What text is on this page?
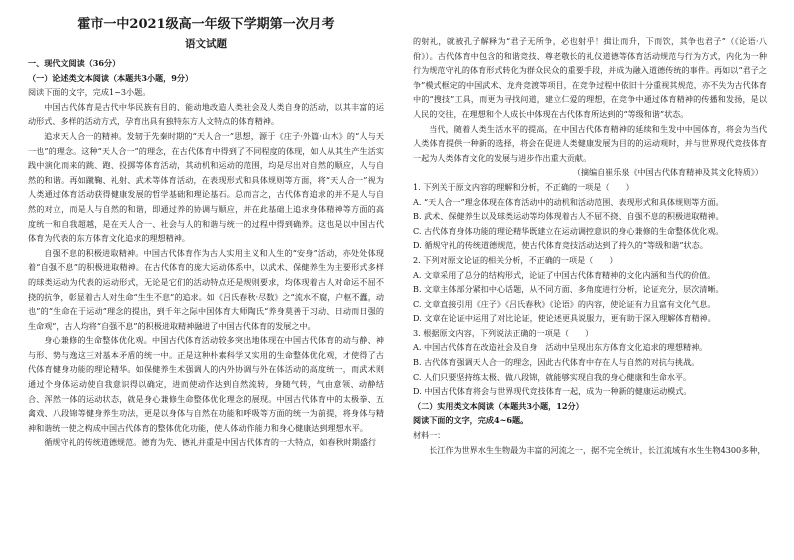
霍市一中2021级高一年级下学期第一次月考
语文试题

一、现代文阅读（36分）

（一）论述类文本阅读（本题共3小题，9分）

阅读下面的文字，完成1~3小题。

中国古代体育是古代中华民族有目的、能动地改造人类社会及人类自身的活动，以其丰富的运动形式、多样的活动方式，孕育出具有独特东方人文特点的体育精神。

追求天人合一的精神。发轫于先秦时期的“天人合一”思想，源于《庄子·外篇·山木》的“人与天一也”的理念。这种“天人合一”的理念，在古代体育中得到了不同程度的体现，如人从其生产生活实践中演化而来的跳、跑、投掷等体育活动，其动机和运动的范围，均是尽出对自然的顺应，人与自然的和谐。再如蹴鞠、礼射、武术等体育活动，在表现形式和具体规则等方面，将“天人合一”视为人类通过体育活动获得健康发展的哲学基础和理论基石。总而言之，古代体育追求的并不是人与自然的对立，而是人与自然的和谐，即通过养的协调与顺应，并在此基础上追求身体精神等方面的高度统一和自我超越，是在天人合一、社会与人的和谐与统一的过程中得到确养。这也是以中国古代体育为代表的东方体育文化追求的理想精神。

自强不息的积极进取精神。中国古代体育作为古人实用主义和人生的“安身”活动，亦处处体现着“自强不息”的积极进取精神。在古代体育的庞大运动体系中，以武术、保健养生为主要形式多样的球类运动为代表的运动形式，无论是它们的活动特点还是规则要求，均体现着古人对命运不屈不挠的抗争，彰显着古人对生命“生生不息”的追求。如《吕氏春秋·尽数》之“流水不腐，户枢不蠹，动也”的“生命在于运动”理念的提出，到千年之际中国体育大师陶氏“养身莫善于习动、日动而日强的生命观”，古人均将“自强不息”的积极进取精神融进了中国古代体育的发展之中。

身心兼修的生命整体优化观。中国古代体育活动较多突出地体现在中国古代体育的动与静、神与形、势与逸这三对基本矛盾的统一中。正是这种朴素科学又实用的生命整体优化观，才使得了古代体育健身功能的理论精华。如保健养生术强调人的内外协调与外在体活动的高度统一，而武术则通过个身体运动使自我意识得以确定，进而使动作达到自然流转，身随气转，气由意领、动静结合、浑然一体的运动状态，就是身心兼修生命整体优化理念的展现。中国古代体育中的太极拳、五禽戏、八段锦等健身养生功法，更是以身体与自然在功能和呼吸等方面的统一为前提，将身体与精神和谐统一使之构成中国古代体育的整体优化功能，使人体动作能力和身心健康达到理想水平。

循规守礼的传统道德规范。德育为先、德礼并重是中国古代体育的一大特点，如春秋时期盛行

的射礼，就被孔子解释为“君子无所争，必也射乎！揖让而升，下而饮，其争也君子”（《论语·八佾》）。古代体育中包含的和谐竞技、尊老敬长的礼仪道德等体育活动规范与行为方式，内化为一种行为规范守礼的体育形式转化为群众民众的重要手段，并成为融入道德传统的事件。再如以“君子之争”模式框定的中国武术、龙舟竞渡等项目，在竞争过程中依旧十分重视其规范，亦不失为古代体育中的“搜技”工具，而更为寻找问道，建立仁爱的理想，在竞争中通过体育精神的传播和发扬，是以人民的交往，在理想和个人成长中体现在古代体育所达到的“等级和谐”状态。

当代，随着人类生活水平的提高，在中国古代体育精神的延续和生发中中国体育，将会为当代人类体育提供一种新的选择，将会在促进人类健康发展为目的的运动观时，并与世界现代竞技体育一起为人类体育文化的发展与进步作出重大贡献。

（摘编自崔乐泉《中国古代体育精神及其文化特质》）

1. 下列关于原文内容的理解和分析，不正确的一项是（　　）

A. “天人合一”理念体现在体育活动中的动机和活动范围、表现形式和具体规则等方面。

B. 武术、保健养生以及球类运动等均体现着古人不屈不挠、自强不息的积极进取精神。

C. 古代体育身体功能的理论精华既建立在运动调控意识的身心兼修的生命整体优化观。

D. 循规守礼的传统道德规范，使古代体育竞技活动达到了持久的“等级和谐”状态。

2. 下列对原文论证的相关分析，不正确的一项是（　　）

A. 文章采用了总分的结构形式，论证了中国古代体育精神的文化内涵和当代的价值。

B. 文章主体部分紧扣中心话题，从不同方面、多角度进行分析，论证充分，层次清晰。

C. 文章直接引用《庄子》《吕氏春秋》《论语》的内容，使论证有力且富有文化气息。

D. 文章在论证中运用了对比论证，使论述更具说服力，更有助于深入理解体育精神。

3. 根据原文内容，下列说法正确的一项是（　　）

A. 中国古代体育在改造社会及自身　活动中呈现出东方体育文化追求的理想精神。

B. 古代体育强调天人合一的理念，因此古代体育中存在人与自然的对抗与挑战。

C. 人们只要坚持练太极、做八段锦，就能够实现自我的身心健康和生命水平。

D. 中国古代体育将会与世界现代竞技体育一起，成为一种新的健康运动模式。

（二）实用类文本阅读（本题共3小题，12分）

阅读下面的文字，完成4~6题。

材料一：

长江作为世界水生生物最为丰富的河流之一，据不完全统计，长江流域有水生生物4300多种，
